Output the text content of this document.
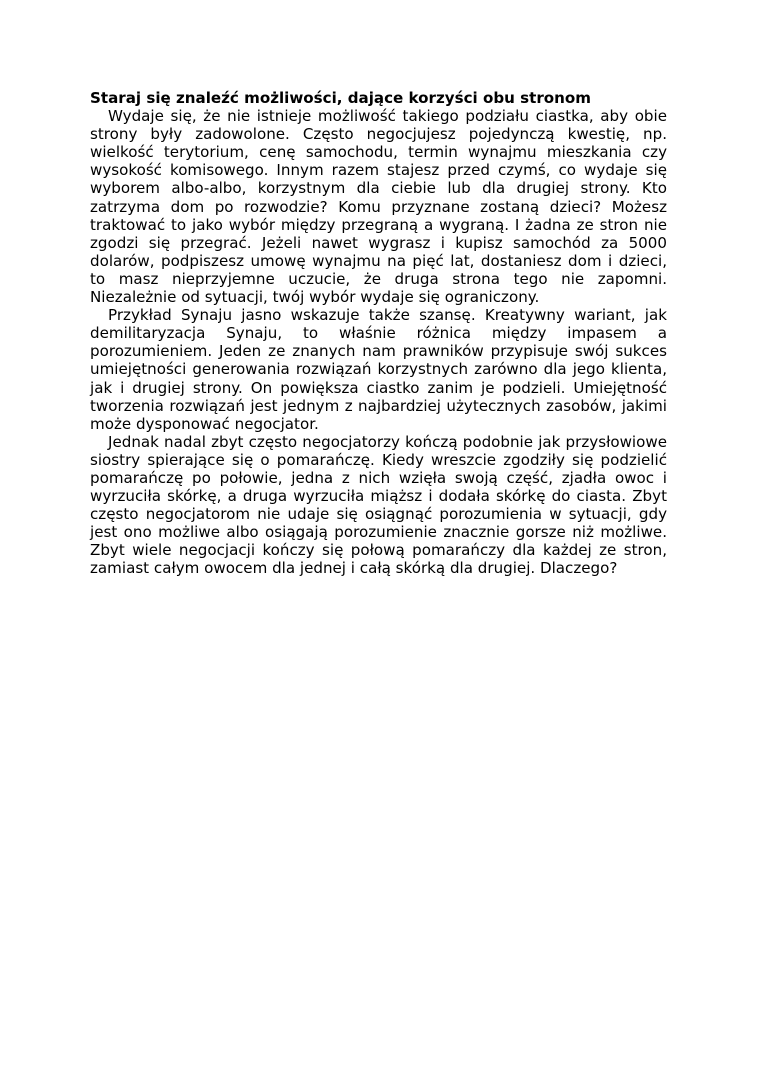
Staraj się znaleźć możliwości, dające korzyści obu stronom

Wydaje się, że nie istnieje możliwość takiego podziału ciastka, aby obie strony były zadowolone. Często negocjujesz pojedynczą kwestię, np. wielkość terytorium, cenę samochodu, termin wynajmu mieszkania czy wysokość komisowego. Innym razem stajesz przed czymś, co wydaje się wyborem albo-albo, korzystnym dla ciebie lub dla drugiej strony. Kto zatrzyma dom po rozwodzie? Komu przyznane zostaną dzieci? Możesz traktować to jako wybór między przegraną a wygraną. I żadna ze stron nie zgodzi się przegrać. Jeżeli nawet wygrasz i kupisz samochód za 5000 dolarów, podpiszesz umowę wynajmu na pięć lat, dostaniesz dom i dzieci, to masz nieprzyjemne uczucie, że druga strona tego nie zapomni. Niezależnie od sytuacji, twój wybór wydaje się ograniczony.

Przykład Synaju jasno wskazuje także szansę. Kreatywny wariant, jak demilitaryzacja Synaju, to właśnie różnica między impasem a porozumieniem. Jeden ze znanych nam prawników przypisuje swój sukces umiejętności generowania rozwiązań korzystnych zarówno dla jego klienta, jak i drugiej strony. On powiększa ciastko zanim je podzieli. Umiejętność tworzenia rozwiązań jest jednym z najbardziej użytecznych zasobów, jakimi może dysponować negocjator.

Jednak nadal zbyt często negocjatorzy kończą podobnie jak przysłowiowe siostry spierające się o pomarańczę. Kiedy wreszcie zgodziły się podzielić pomarańczę po połowie, jedna z nich wzięła swoją część, zjadła owoc i wyrzuciła skórkę, a druga wyrzuciła miąższ i dodała skórkę do ciasta. Zbyt często negocjatorom nie udaje się osiągnąć porozumienia w sytuacji, gdy jest ono możliwe albo osiągają porozumienie znacznie gorsze niż możliwe. Zbyt wiele negocjacji kończy się połową pomarańczy dla każdej ze stron, zamiast całym owocem dla jednej i całą skórką dla drugiej. Dlaczego?
